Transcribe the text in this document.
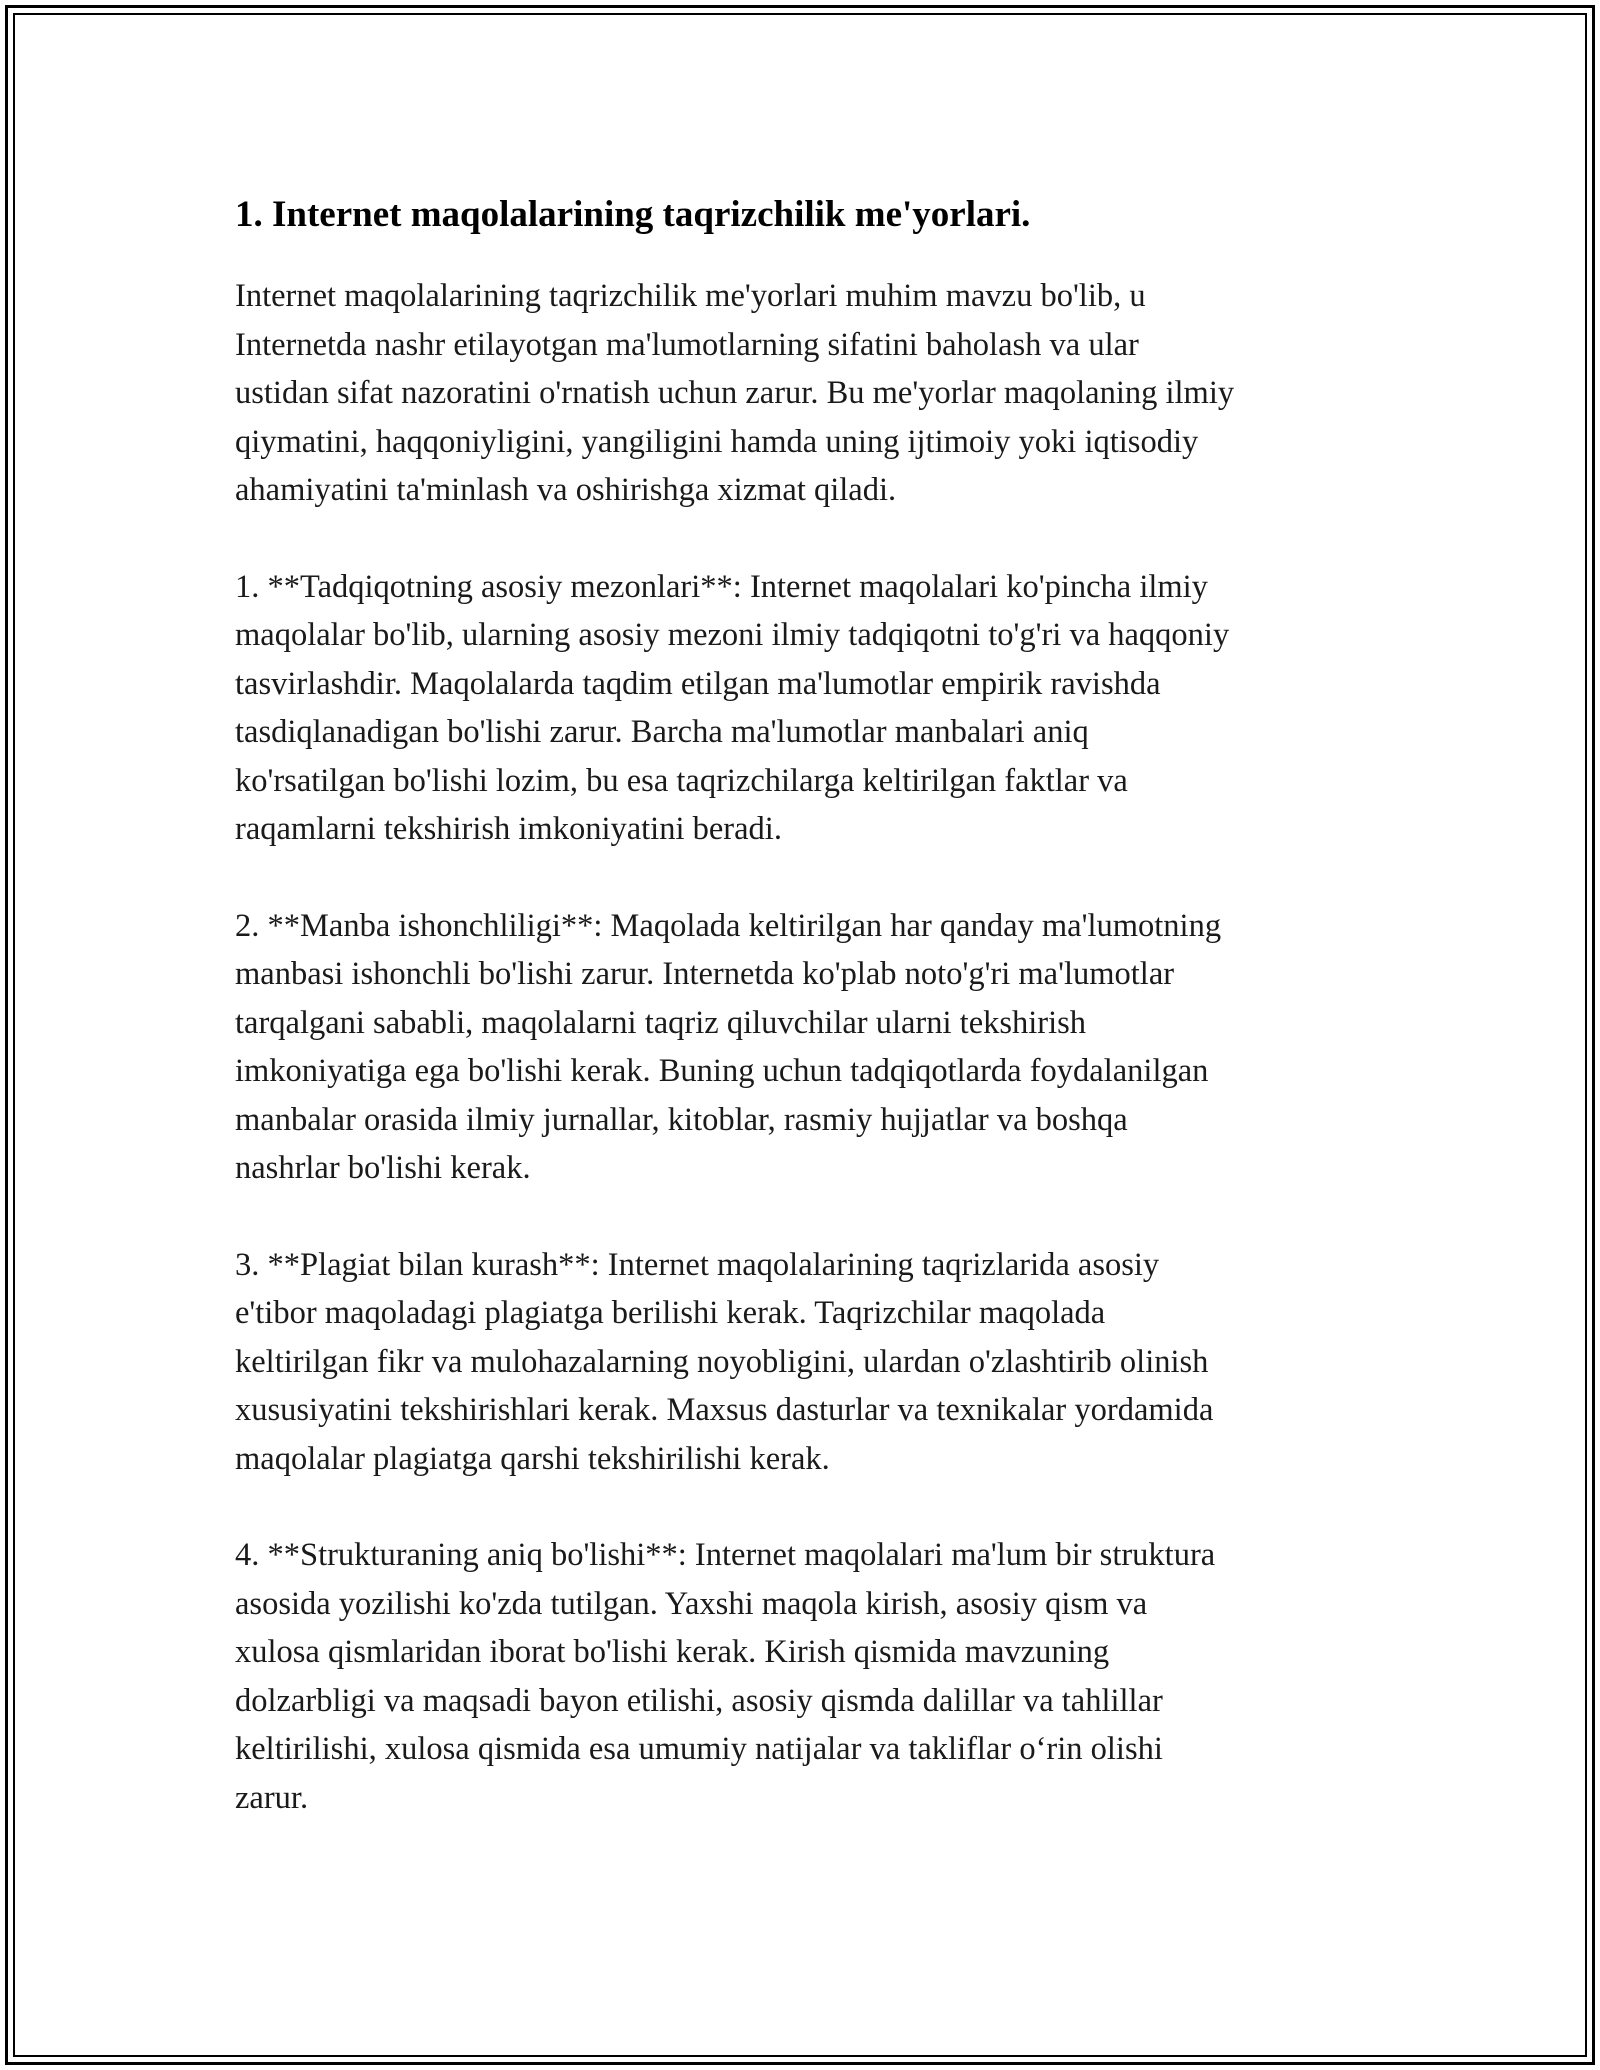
1. Internet maqolalarining taqrizchilik me'yorlari.

Internet maqolalarining taqrizchilik me'yorlari muhim mavzu bo'lib, u
Internetda nashr etilayotgan ma'lumotlarning sifatini baholash va ular
ustidan sifat nazoratini o'rnatish uchun zarur. Bu me'yorlar maqolaning ilmiy
qiymatini, haqqoniyligini, yangiligini hamda uning ijtimoiy yoki iqtisodiy
ahamiyatini ta'minlash va oshirishga xizmat qiladi.

1. **Tadqiqotning asosiy mezonlari**: Internet maqolalari ko'pincha ilmiy
maqolalar bo'lib, ularning asosiy mezoni ilmiy tadqiqotni to'g'ri va haqqoniy
tasvirlashdir. Maqolalarda taqdim etilgan ma'lumotlar empirik ravishda
tasdiqlanadigan bo'lishi zarur. Barcha ma'lumotlar manbalari aniq
ko'rsatilgan bo'lishi lozim, bu esa taqrizchilarga keltirilgan faktlar va
raqamlarni tekshirish imkoniyatini beradi.

2. **Manba ishonchliligi**: Maqolada keltirilgan har qanday ma'lumotning
manbasi ishonchli bo'lishi zarur. Internetda ko'plab noto'g'ri ma'lumotlar
tarqalgani sababli, maqolalarni taqriz qiluvchilar ularni tekshirish
imkoniyatiga ega bo'lishi kerak. Buning uchun tadqiqotlarda foydalanilgan
manbalar orasida ilmiy jurnallar, kitoblar, rasmiy hujjatlar va boshqa
nashrlar bo'lishi kerak.

3. **Plagiat bilan kurash**: Internet maqolalarining taqrizlarida asosiy
e'tibor maqoladagi plagiatga berilishi kerak. Taqrizchilar maqolada
keltirilgan fikr va mulohazalarning noyobligini, ulardan o'zlashtirib olinish
xususiyatini tekshirishlari kerak. Maxsus dasturlar va texnikalar yordamida
maqolalar plagiatga qarshi tekshirilishi kerak.

4. **Strukturaning aniq bo'lishi**: Internet maqolalari ma'lum bir struktura
asosida yozilishi ko'zda tutilgan. Yaxshi maqola kirish, asosiy qism va
xulosa qismlaridan iborat bo'lishi kerak. Kirish qismida mavzuning
dolzarbligi va maqsadi bayon etilishi, asosiy qismda dalillar va tahlillar
keltirilishi, xulosa qismida esa umumiy natijalar va takliflar o‘rin olishi
zarur.
